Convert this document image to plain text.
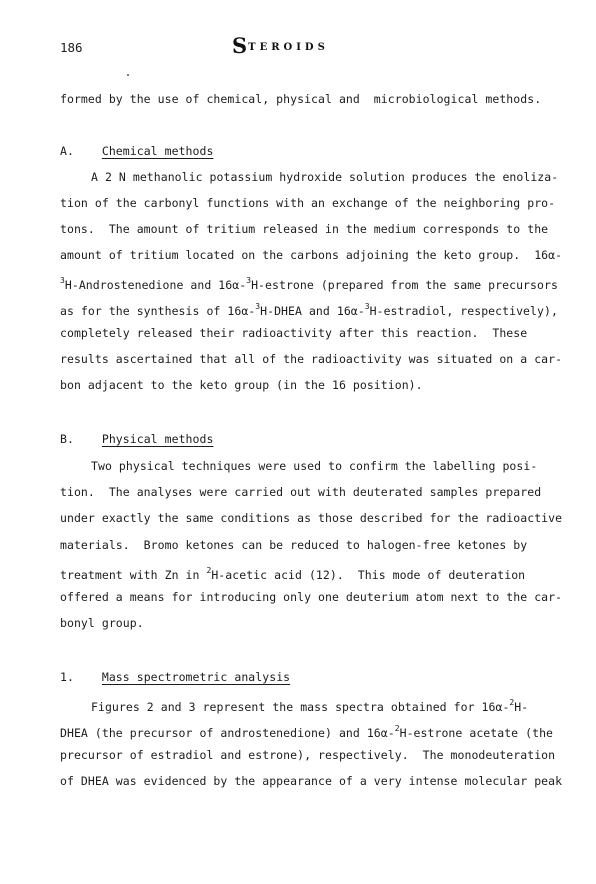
186	STEROIDS
formed by the use of chemical, physical and  microbiological methods.
A. Chemical methods
A 2 N methanolic potassium hydroxide solution produces the enoliza-
tion of the carbonyl functions with an exchange of the neighboring pro-
tons.  The amount of tritium released in the medium corresponds to the
amount of tritium located on the carbons adjoining the keto group.  16α-
$^3$H-Androstenedione and 16α-$^3$H-estrone (prepared from the same precursors
as for the synthesis of 16α-$^3$H-DHEA and 16α-$^3$H-estradiol, respectively),
completely released their radioactivity after this reaction.  These
results ascertained that all of the radioactivity was situated on a car-
bon adjacent to the keto group (in the 16 position).
B. Physical methods
Two physical techniques were used to confirm the labelling posi-
tion.  The analyses were carried out with deuterated samples prepared
under exactly the same conditions as those described for the radioactive
materials.  Bromo ketones can be reduced to halogen-free ketones by
treatment with Zn in $^2$H-acetic acid (12).  This mode of deuteration
offered a means for introducing only one deuterium atom next to the car-
bonyl group.
1. Mass spectrometric analysis
Figures 2 and 3 represent the mass spectra obtained for 16α-$^2$H-
DHEA (the precursor of androstenedione) and 16α-$^2$H-estrone acetate (the
precursor of estradiol and estrone), respectively.  The monodeuteration
of DHEA was evidenced by the appearance of a very intense molecular peak
